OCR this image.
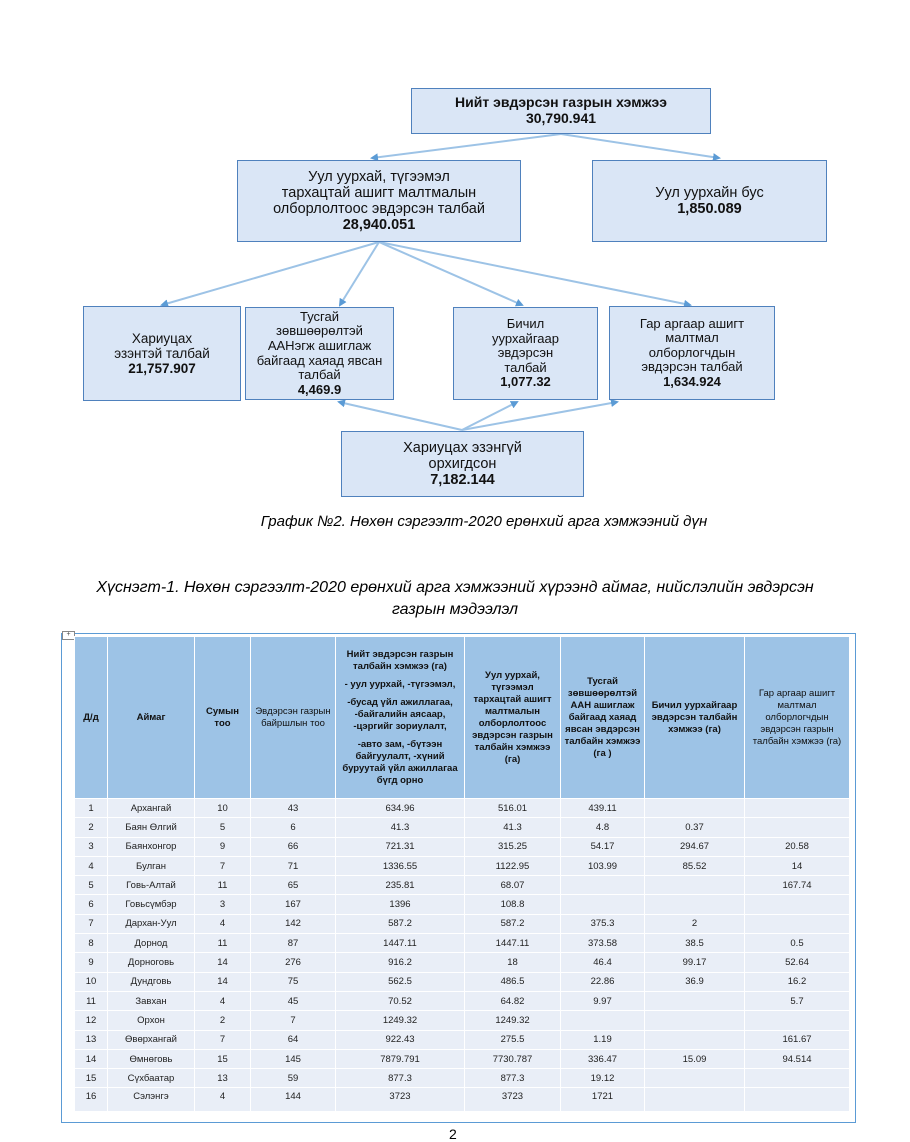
Нийт эвдэрсэн газрын хэмжээ
30,790.941
Уул уурхай, түгээмэл
тархацтай ашигт малтмалын
олборлолтоос эвдэрсэн талбай
28,940.051
Уул уурхайн бус
1,850.089
Хариуцах
эзэнтэй талбай
21,757.907
Тусгай
зөвшөөрөлтэй
ААНэгж ашиглаж
байгаад хаяад явсан
талбай
4,469.9
Бичил
уурхайгаар
эвдэрсэн
талбай
1,077.32
Гар аргаар ашигт
малтмал
олборлогчдын
эвдэрсэн талбай
1,634.924
Хариуцах эзэнгүй
орхигдсон
7,182.144
График №2. Нөхөн сэргээлт-2020 ерөнхий арга хэмжээний дүн
Хүснэгт-1. Нөхөн сэргээлт-2020 ерөнхий арга хэмжээний хүрээнд аймаг, нийслэлийн эвдэрсэн
газрын мэдээлэл
+
Д/д	Аймаг	Сумын тоо	Эвдэрсэн газрын байршлын тоо	Нийт эвдэрсэн газрын талбайн хэмжээ (га)
- уул уурхай, -түгээмэл,
-бусад үйл ажиллагаа, -байгалийн аясаар, -цэргийг зориулалт,
-авто зам, -бүтээн байгуулалт, -хүний буруутай үйл ажиллагаа бүгд орно	Уул уурхай, түгээмэл тархацтай ашигт малтмалын олборлолтоос эвдэрсэн газрын талбайн хэмжээ (га)	Тусгай зөвшөөрөлтэй ААН ашиглаж байгаад хаяад явсан эвдэрсэн талбайн хэмжээ (га )	Бичил уурхайгаар эвдэрсэн талбайн хэмжээ (га)	Гар аргаар ашигт малтмал олборлогчдын эвдэрсэн газрын талбайн хэмжээ (га)
1	Архангай	10	43	634.96	516.01	439.11		
2	Баян Өлгий	5	6	41.3	41.3	4.8	0.37	
3	Баянхонгор	9	66	721.31	315.25	54.17	294.67	20.58
4	Булган	7	71	1336.55	1122.95	103.99	85.52	14
5	Говь-Алтай	11	65	235.81	68.07			167.74
6	Говьсүмбэр	3	167	1396	108.8			
7	Дархан-Уул	4	142	587.2	587.2	375.3	2	
8	Дорнод	11	87	1447.11	1447.11	373.58	38.5	0.5
9	Дорноговь	14	276	916.2	18	46.4	99.17	52.64
10	Дундговь	14	75	562.5	486.5	22.86	36.9	16.2
11	Завхан	4	45	70.52	64.82	9.97		5.7
12	Орхон	2	7	1249.32	1249.32			
13	Өвөрхангай	7	64	922.43	275.5	1.19		161.67
14	Өмнөговь	15	145	7879.791	7730.787	336.47	15.09	94.514
15	Сүхбаатар	13	59	877.3	877.3	19.12		
16	Сэлэнгэ	4	144	3723	3723	1721		
2
